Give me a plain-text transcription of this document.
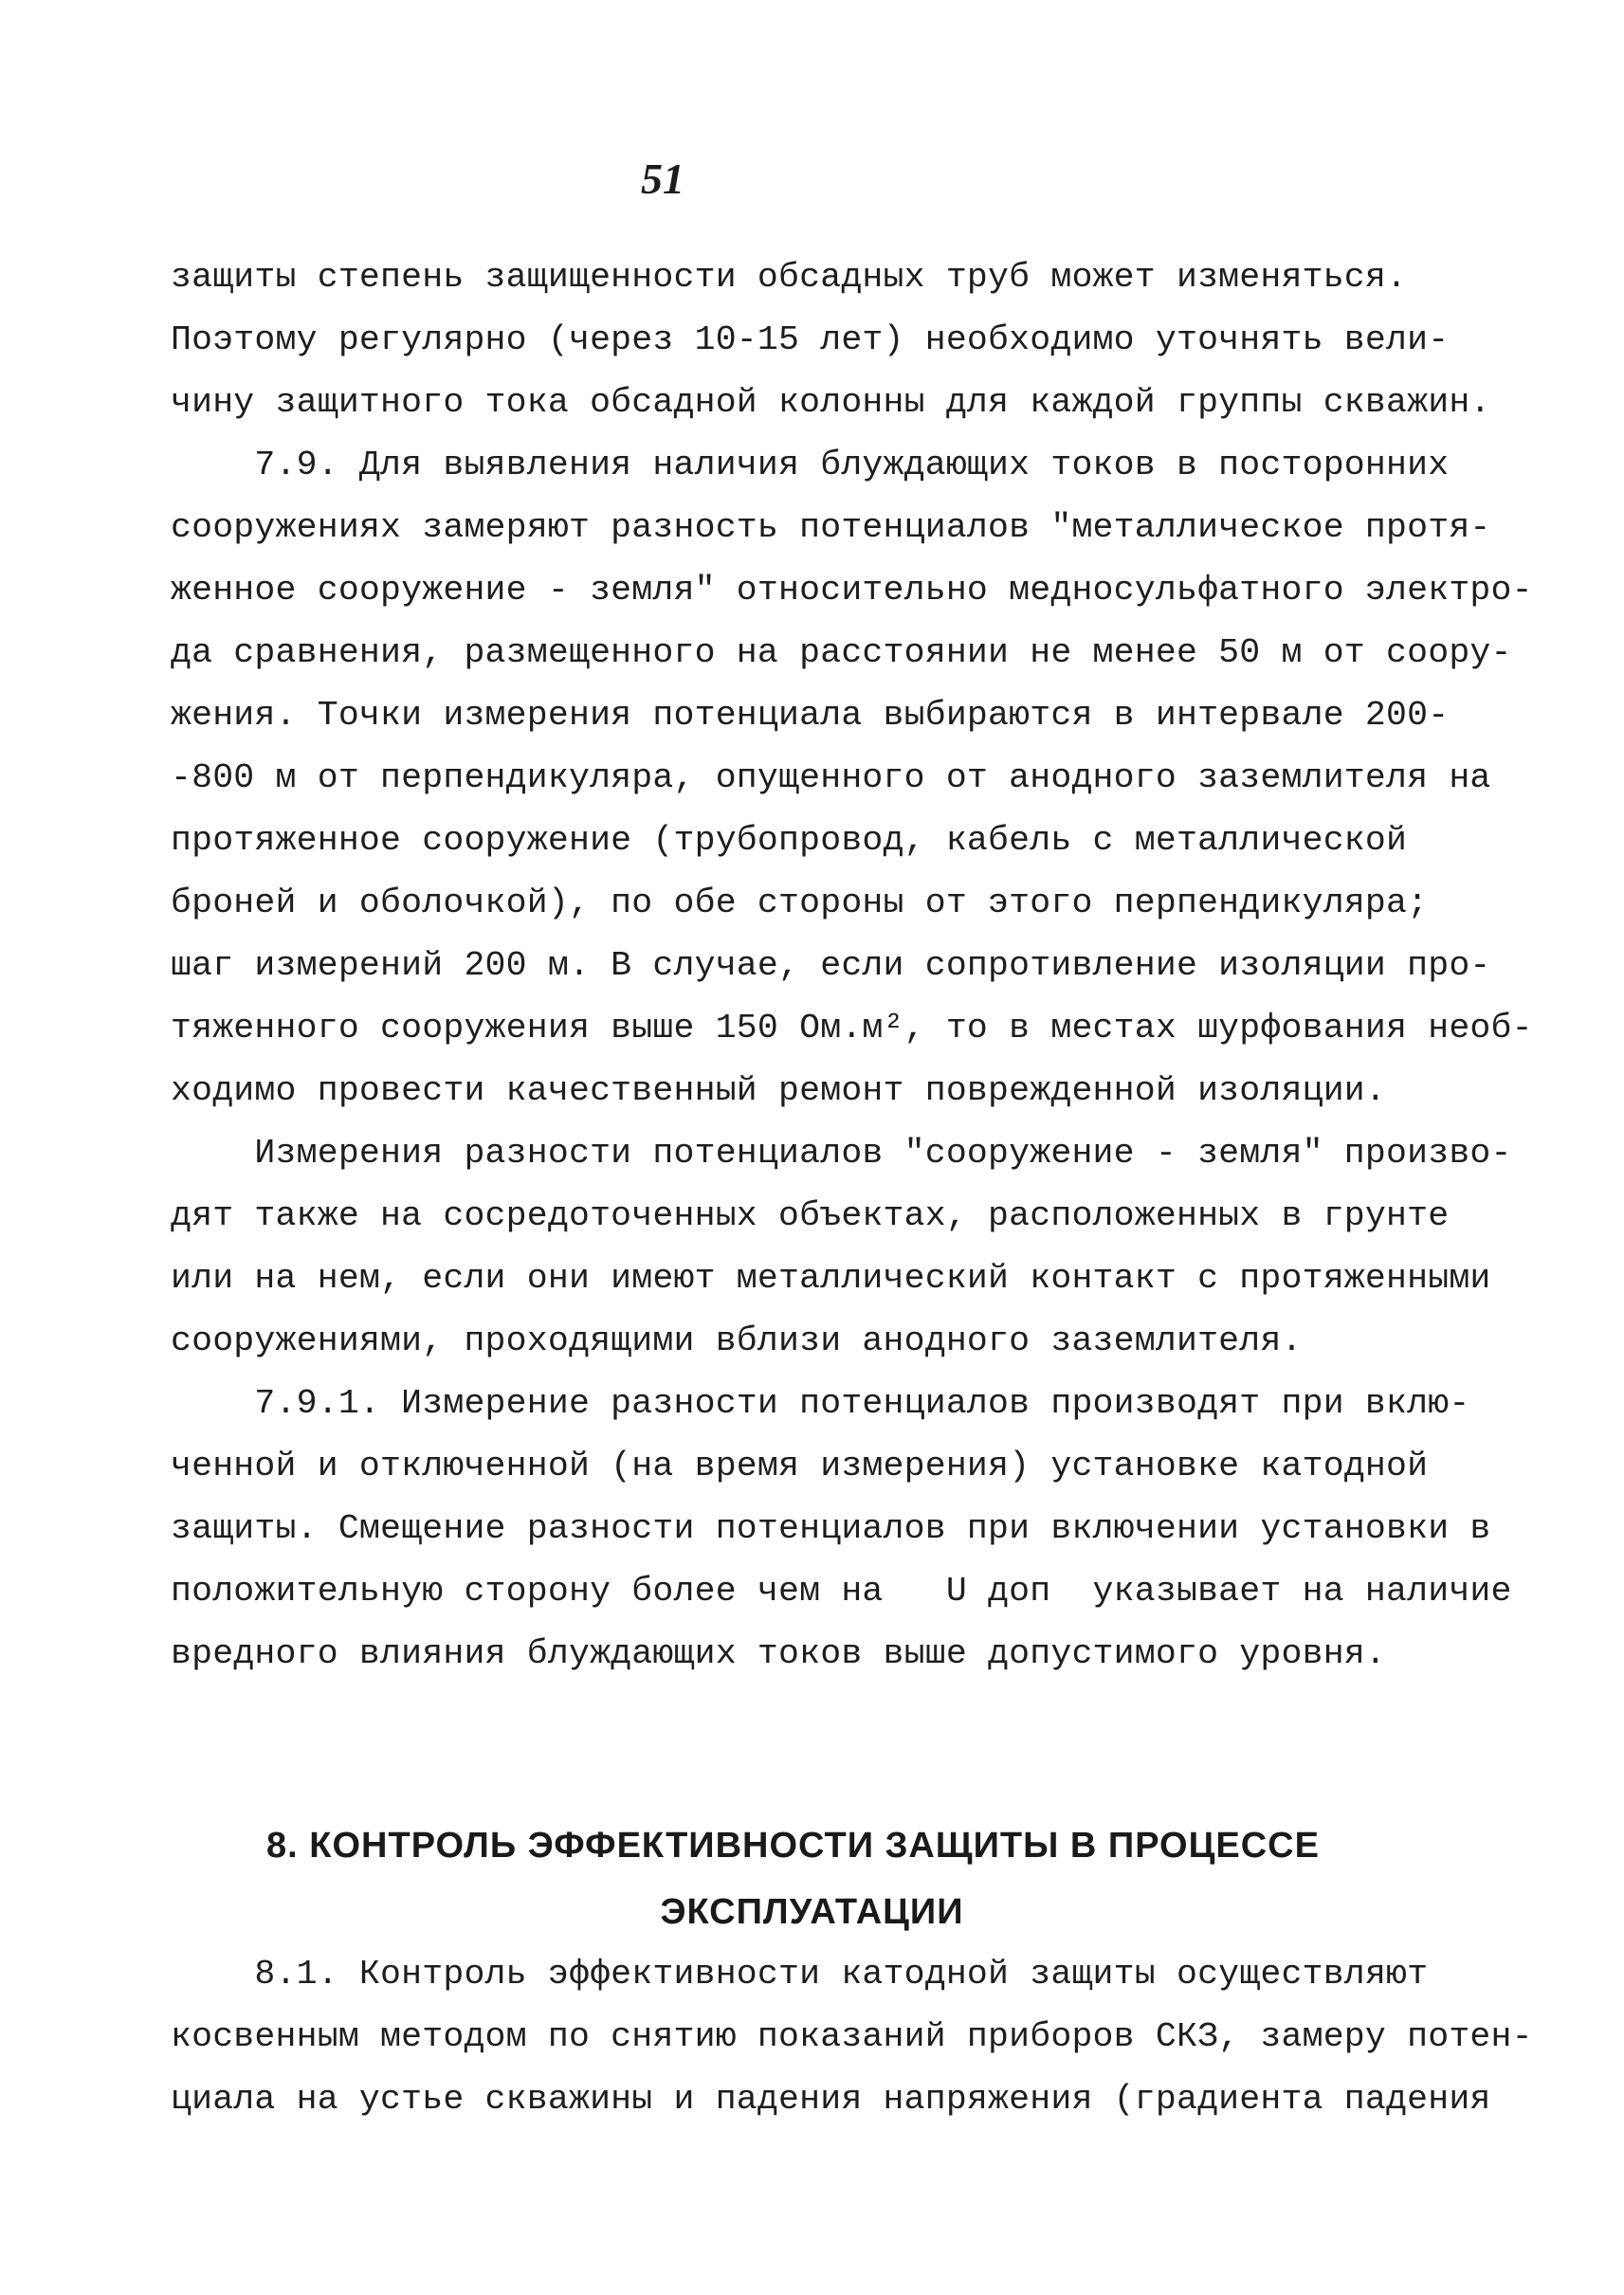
51
защиты степень защищенности обсадных труб может изменяться.
Поэтому регулярно (через 10-15 лет) необходимо уточнять вели-
чину защитного тока обсадной колонны для каждой группы скважин.
7.9. Для выявления наличия блуждающих токов в посторонних
сооружениях замеряют разность потенциалов "металлическое протя-
женное сооружение - земля" относительно медносульфатного электро-
да сравнения, размещенного на расстоянии не менее 50 м от соору-
жения. Точки измерения потенциала выбираются в интервале 200-
-800 м от перпендикуляра, опущенного от анодного заземлителя на
протяженное сооружение (трубопровод, кабель с металлической
броней и оболочкой), по обе стороны от этого перпендикуляра;
шаг измерений 200 м. В случае, если сопротивление изоляции про-
тяженного сооружения выше 150 Ом.м², то в местах шурфования необ-
ходимо провести качественный ремонт поврежденной изоляции.
Измерения разности потенциалов "сооружение - земля" произво-
дят также на сосредоточенных объектах, расположенных в грунте
или на нем, если они имеют металлический контакт с протяженными
сооружениями, проходящими вблизи анодного заземлителя.
7.9.1. Измерение разности потенциалов производят при вклю-
ченной и отключенной (на время измерения) установке катодной
защиты. Смещение разности потенциалов при включении установки в
положительную сторону более чем на   U доп  указывает на наличие
вредного влияния блуждающих токов выше допустимого уровня.
8. КОНТРОЛЬ ЭФФЕКТИВНОСТИ ЗАЩИТЫ В ПРОЦЕССЕ
ЭКСПЛУАТАЦИИ
8.1. Контроль эффективности катодной защиты осуществляют
косвенным методом по снятию показаний приборов СКЗ, замеру потен-
циала на устье скважины и падения напряжения (градиента падения
